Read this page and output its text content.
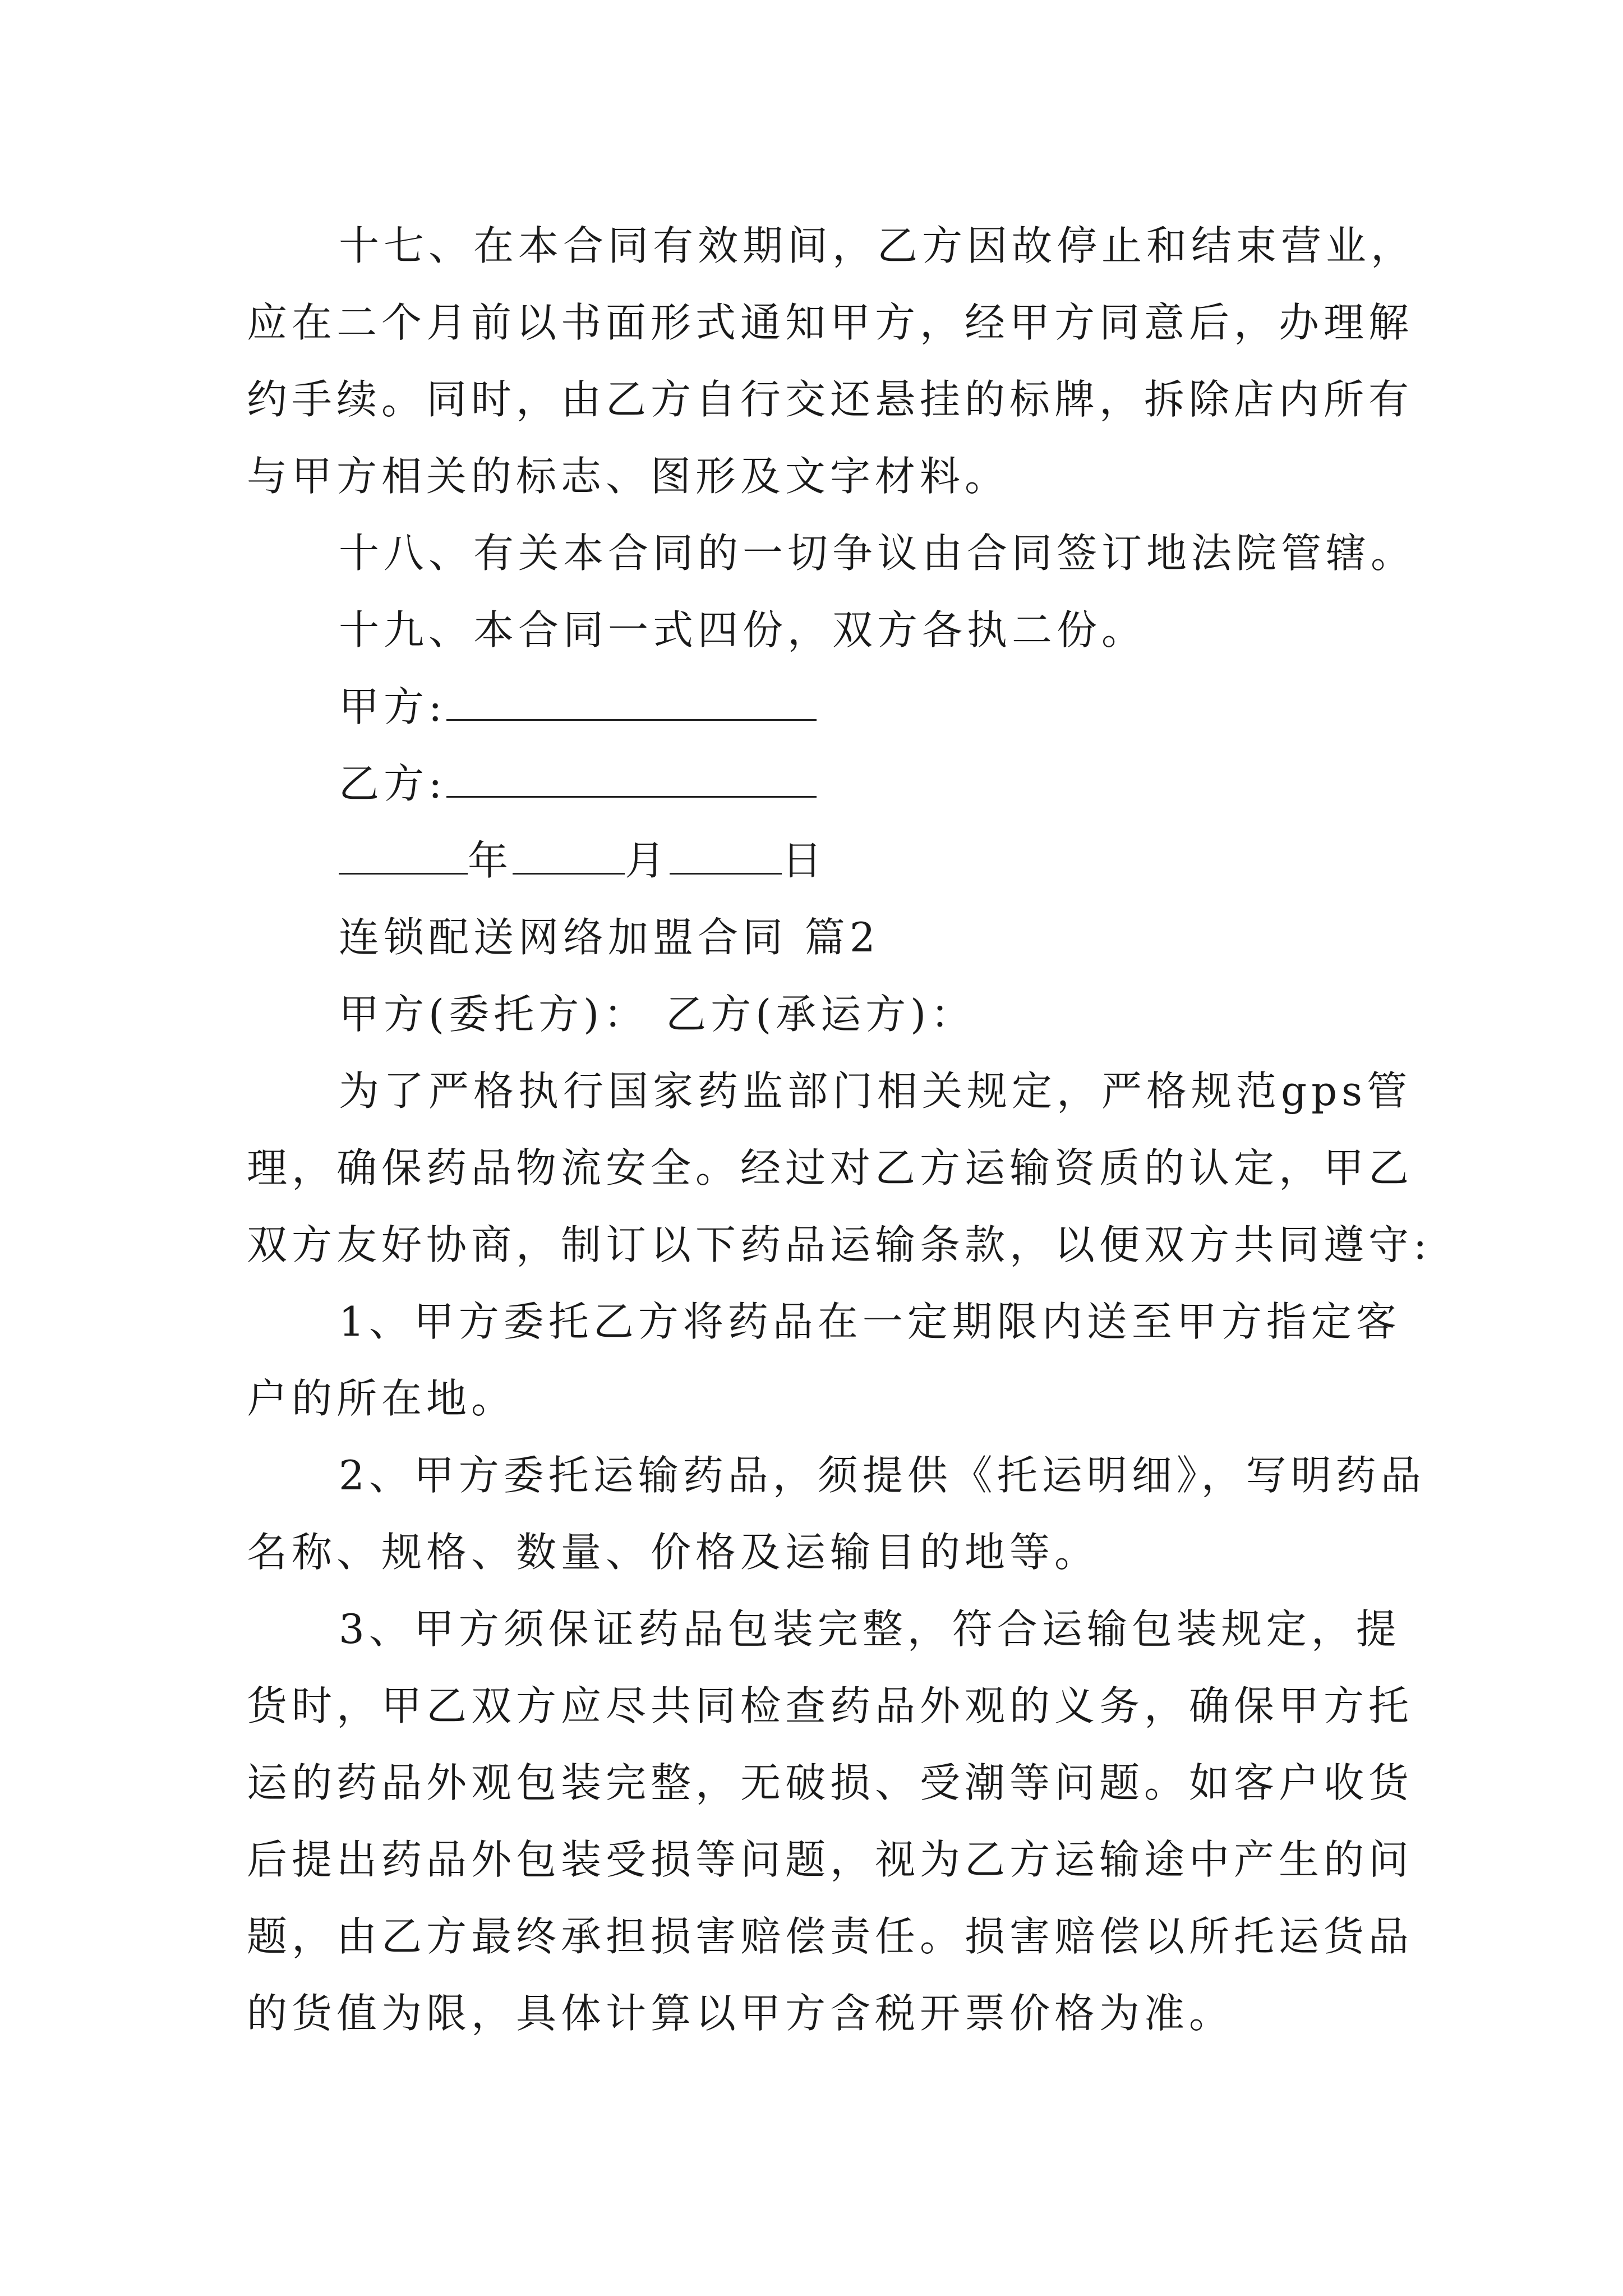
十七、在本合同有效期间，乙方因故停止和结束营业，
应在二个月前以书面形式通知甲方，经甲方同意后，办理解
约手续。同时，由乙方自行交还悬挂的标牌，拆除店内所有
与甲方相关的标志、图形及文字材料。
十八、有关本合同的一切争议由合同签订地法院管辖。
十九、本合同一式四份，双方各执二份。
甲方:
乙方:
年	月	日
连锁配送网络加盟合同 篇2
甲方(委托方)： 乙方(承运方)：
为了严格执行国家药监部门相关规定，严格规范gps管
理，确保药品物流安全。经过对乙方运输资质的认定，甲乙
双方友好协商，制订以下药品运输条款，以便双方共同遵守:
1、甲方委托乙方将药品在一定期限内送至甲方指定客
户的所在地。
2、甲方委托运输药品，须提供《托运明细》，写明药品
名称、规格、数量、价格及运输目的地等。
3、甲方须保证药品包装完整，符合运输包装规定，提
货时，甲乙双方应尽共同检查药品外观的义务，确保甲方托
运的药品外观包装完整，无破损、受潮等问题。如客户收货
后提出药品外包装受损等问题，视为乙方运输途中产生的问
题，由乙方最终承担损害赔偿责任。损害赔偿以所托运货品
的货值为限，具体计算以甲方含税开票价格为准。
